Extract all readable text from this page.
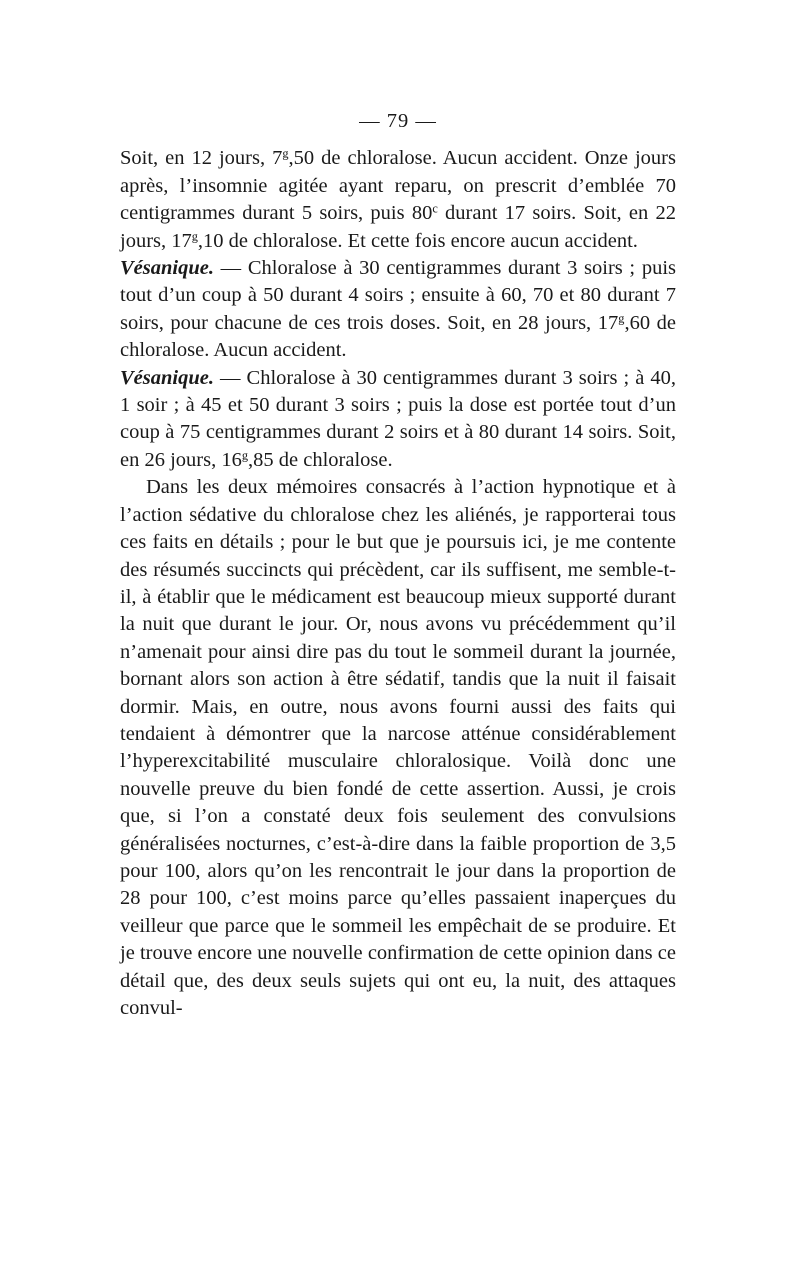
— 79 —

Soit, en 12 jours, 7$^g$,50 de chloralose. Aucun accident. Onze jours après, l’insomnie agitée ayant reparu, on prescrit d’emblée 70 centigrammes durant 5 soirs, puis 80$^c$ durant 17 soirs. Soit, en 22 jours, 17$^g$,10 de chloralose. Et cette fois encore aucun accident.

Vésanique. — Chloralose à 30 centigrammes durant 3 soirs ; puis tout d’un coup à 50 durant 4 soirs ; ensuite à 60, 70 et 80 durant 7 soirs, pour chacune de ces trois doses. Soit, en 28 jours, 17$^g$,60 de chloralose. Aucun accident.

Vésanique. — Chloralose à 30 centigrammes durant 3 soirs ; à 40, 1 soir ; à 45 et 50 durant 3 soirs ; puis la dose est portée tout d’un coup à 75 centigrammes durant 2 soirs et à 80 durant 14 soirs. Soit, en 26 jours, 16$^g$,85 de chloralose.

Dans les deux mémoires consacrés à l’action hypnotique et à l’action sédative du chloralose chez les aliénés, je rapporterai tous ces faits en détails ; pour le but que je poursuis ici, je me contente des résumés succincts qui précèdent, car ils suffisent, me semble-t-il, à établir que le médicament est beaucoup mieux supporté durant la nuit que durant le jour. Or, nous avons vu précédemment qu’il n’amenait pour ainsi dire pas du tout le sommeil durant la journée, bornant alors son action à être sédatif, tandis que la nuit il faisait dormir. Mais, en outre, nous avons fourni aussi des faits qui tendaient à démontrer que la narcose atténue considérablement l’hyperexcitabilité musculaire chloralosique. Voilà donc une nouvelle preuve du bien fondé de cette assertion. Aussi, je crois que, si l’on a constaté deux fois seulement des convulsions généralisées nocturnes, c’est-à-dire dans la faible proportion de 3,5 pour 100, alors qu’on les rencontrait le jour dans la proportion de 28 pour 100, c’est moins parce qu’elles passaient inaperçues du veilleur que parce que le sommeil les empêchait de se produire. Et je trouve encore une nouvelle confirmation de cette opinion dans ce détail que, des deux seuls sujets qui ont eu, la nuit, des attaques convul-
